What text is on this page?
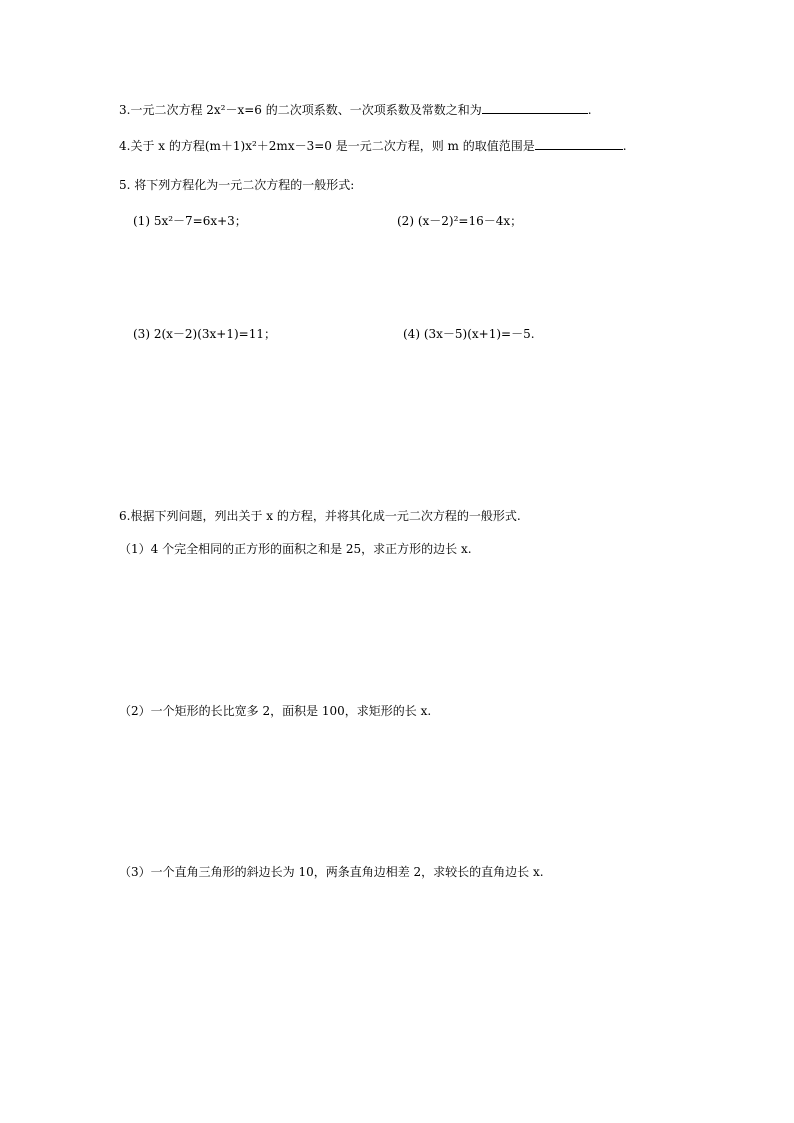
3.一元二次方程 2x²－x=6 的二次项系数、一次项系数及常数之和为	.
4.关于 x 的方程(m＋1)x²＋2mx－3=0 是一元二次方程，则 m 的取值范围是	.
5. 将下列方程化为一元二次方程的一般形式:
(1) 5x²－7=6x+3；	(2) (x－2)²=16－4x；
(3) 2(x－2)(3x+1)=11；	(4) (3x－5)(x+1)=－5.
6.根据下列问题，列出关于 x 的方程，并将其化成一元二次方程的一般形式.
（1）4 个完全相同的正方形的面积之和是 25，求正方形的边长 x.
（2）一个矩形的长比宽多 2，面积是 100，求矩形的长 x.
（3）一个直角三角形的斜边长为 10，两条直角边相差 2，求较长的直角边长 x.
